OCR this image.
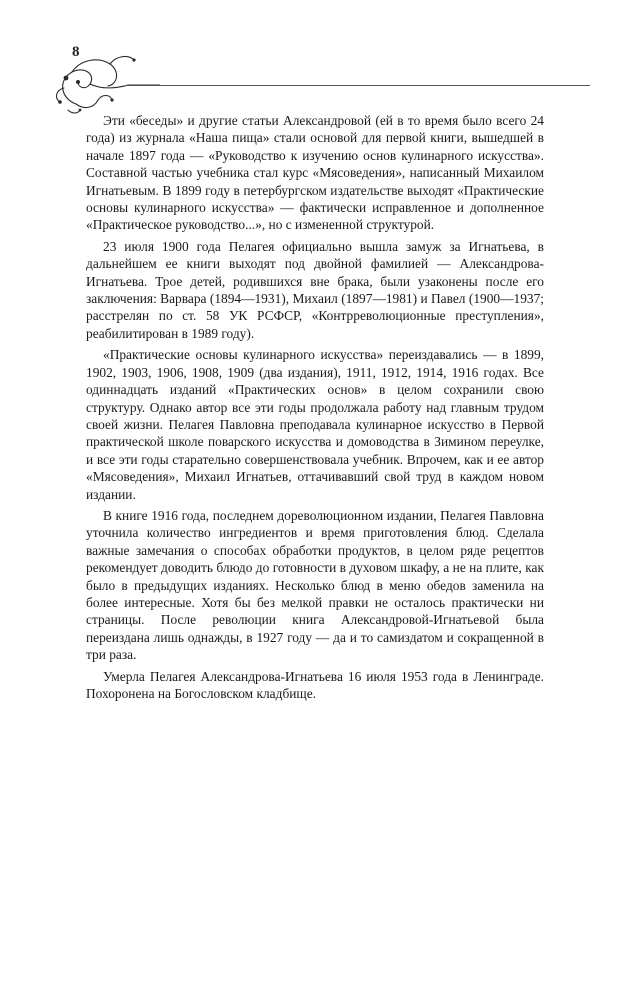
8

Эти «беседы» и другие статьи Александровой (ей в то время было всего 24 года) из журнала «Наша пища» стали основой для первой книги, вышедшей в начале 1897 года — «Руководство к изучению основ кулинарного искусства». Составной частью учебника стал курс «Мясоведения», написанный Михаилом Игнатьевым. В 1899 году в петербургском издательстве выходят «Практические основы кулинарного искусства» — фактически исправленное и дополненное «Практическое руководство...», но с измененной структурой.

23 июля 1900 года Пелагея официально вышла замуж за Игнатьева, в дальнейшем ее книги выходят под двойной фамилией — Александрова-Игнатьева. Трое детей, родившихся вне брака, были узаконены после его заключения: Варвара (1894—1931), Михаил (1897—1981) и Павел (1900—1937; расстрелян по ст. 58 УК РСФСР, «Контрреволюционные преступления», реабилитирован в 1989 году).

«Практические основы кулинарного искусства» переиздавались — в 1899, 1902, 1903, 1906, 1908, 1909 (два издания), 1911, 1912, 1914, 1916 годах. Все одиннадцать изданий «Практических основ» в целом сохранили свою структуру. Однако автор все эти годы продолжала работу над главным трудом своей жизни. Пелагея Павловна преподавала кулинарное искусство в Первой практической школе поварского искусства и домоводства в Зимином переулке, и все эти годы старательно совершенствовала учебник. Впрочем, как и ее автор «Мясоведения», Михаил Игнатьев, оттачивавший свой труд в каждом новом издании.

В книге 1916 года, последнем дореволюционном издании, Пелагея Павловна уточнила количество ингредиентов и время приготовления блюд. Сделала важные замечания о способах обработки продуктов, в целом ряде рецептов рекомендует доводить блюдо до готовности в духовом шкафу, а не на плите, как было в предыдущих изданиях. Несколько блюд в меню обедов заменила на более интересные. Хотя бы без мелкой правки не осталось практически ни страницы. После революции книга Александровой-Игнатьевой была переиздана лишь однажды, в 1927 году — да и то самиздатом и сокращенной в три раза.

Умерла Пелагея Александрова-Игнатьева 16 июля 1953 года в Ленинграде. Похоронена на Богословском кладбище.
